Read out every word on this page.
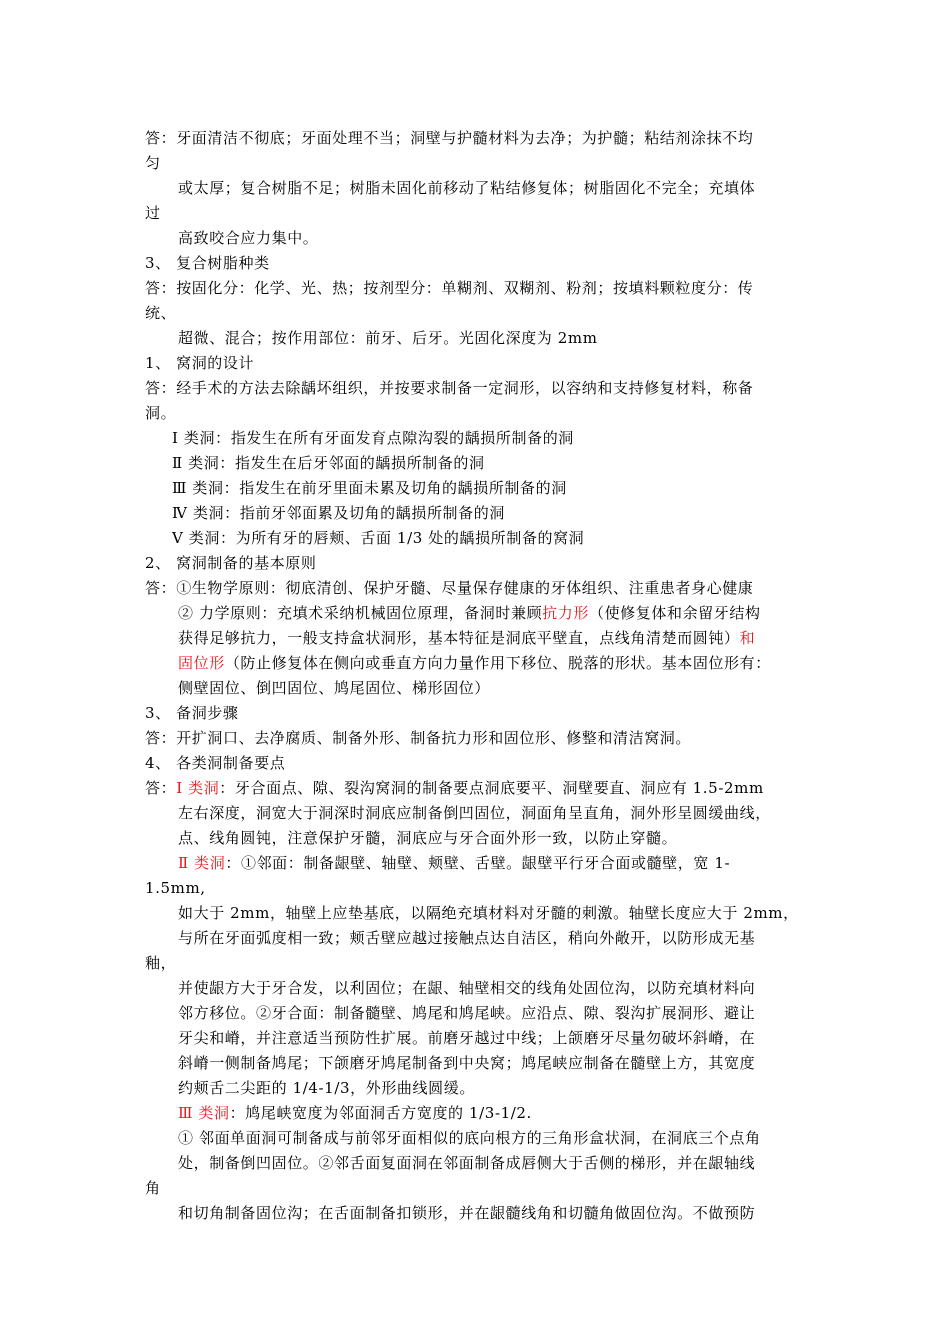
答：牙面清洁不彻底；牙面处理不当；洞壁与护髓材料为去净；为护髓；粘结剂涂抹不均
匀
或太厚；复合树脂不足；树脂未固化前移动了粘结修复体；树脂固化不完全；充填体
过
高致咬合应力集中。
3、 复合树脂种类
答：按固化分：化学、光、热；按剂型分：单糊剂、双糊剂、粉剂；按填料颗粒度分：传
统、
超微、混合；按作用部位：前牙、后牙。光固化深度为 2mm
1、 窝洞的设计
答：经手术的方法去除龋坏组织，并按要求制备一定洞形，以容纳和支持修复材料，称备
洞。
Ⅰ 类洞：指发生在所有牙面发育点隙沟裂的龋损所制备的洞
Ⅱ 类洞：指发生在后牙邻面的龋损所制备的洞
Ⅲ 类洞：指发生在前牙里面未累及切角的龋损所制备的洞
Ⅳ 类洞：指前牙邻面累及切角的龋损所制备的洞
Ⅴ 类洞：为所有牙的唇颊、舌面 1/3 处的龋损所制备的窝洞
2、 窝洞制备的基本原则
答：①生物学原则：彻底清创、保护牙髓、尽量保存健康的牙体组织、注重患者身心健康
② 力学原则：充填术采纳机械固位原理，备洞时兼顾抗力形（使修复体和余留牙结构
获得足够抗力，一般支持盒状洞形，基本特征是洞底平壁直，点线角清楚而圆钝）和
固位形（防止修复体在侧向或垂直方向力量作用下移位、脱落的形状。基本固位形有：
侧壁固位、倒凹固位、鸠尾固位、梯形固位）
3、 备洞步骤
答：开扩洞口、去净腐质、制备外形、制备抗力形和固位形、修整和清洁窝洞。
4、 各类洞制备要点
答：Ⅰ 类洞：牙合面点、隙、裂沟窝洞的制备要点洞底要平、洞壁要直、洞应有 1.5-2mm
左右深度，洞宽大于洞深时洞底应制备倒凹固位，洞面角呈直角，洞外形呈圆缓曲线，
点、线角圆钝，注意保护牙髓，洞底应与牙合面外形一致，以防止穿髓。
Ⅱ 类洞：①邻面：制备龈壁、轴壁、颊壁、舌壁。龈壁平行牙合面或髓壁，宽 1-
1.5mm,
如大于 2mm，轴壁上应垫基底，以隔绝充填材料对牙髓的刺激。轴壁长度应大于 2mm，
与所在牙面弧度相一致；颊舌壁应越过接触点达自洁区，稍向外敞开，以防形成无基
釉，
并使龈方大于牙合发，以利固位；在龈、轴壁相交的线角处固位沟，以防充填材料向
邻方移位。②牙合面：制备髓壁、鸠尾和鸠尾峡。应沿点、隙、裂沟扩展洞形、避让
牙尖和嵴，并注意适当预防性扩展。前磨牙越过中线；上颌磨牙尽量勿破坏斜嵴，在
斜嵴一侧制备鸠尾；下颌磨牙鸠尾制备到中央窝；鸠尾峡应制备在髓壁上方，其宽度
约颊舌二尖距的 1/4-1/3，外形曲线圆缓。
Ⅲ 类洞：鸠尾峡宽度为邻面洞舌方宽度的 1/3-1/2.
① 邻面单面洞可制备成与前邻牙面相似的底向根方的三角形盒状洞，在洞底三个点角
处，制备倒凹固位。②邻舌面复面洞在邻面制备成唇侧大于舌侧的梯形，并在龈轴线
角
和切角制备固位沟；在舌面制备扣锁形，并在龈髓线角和切髓角做固位沟。不做预防
